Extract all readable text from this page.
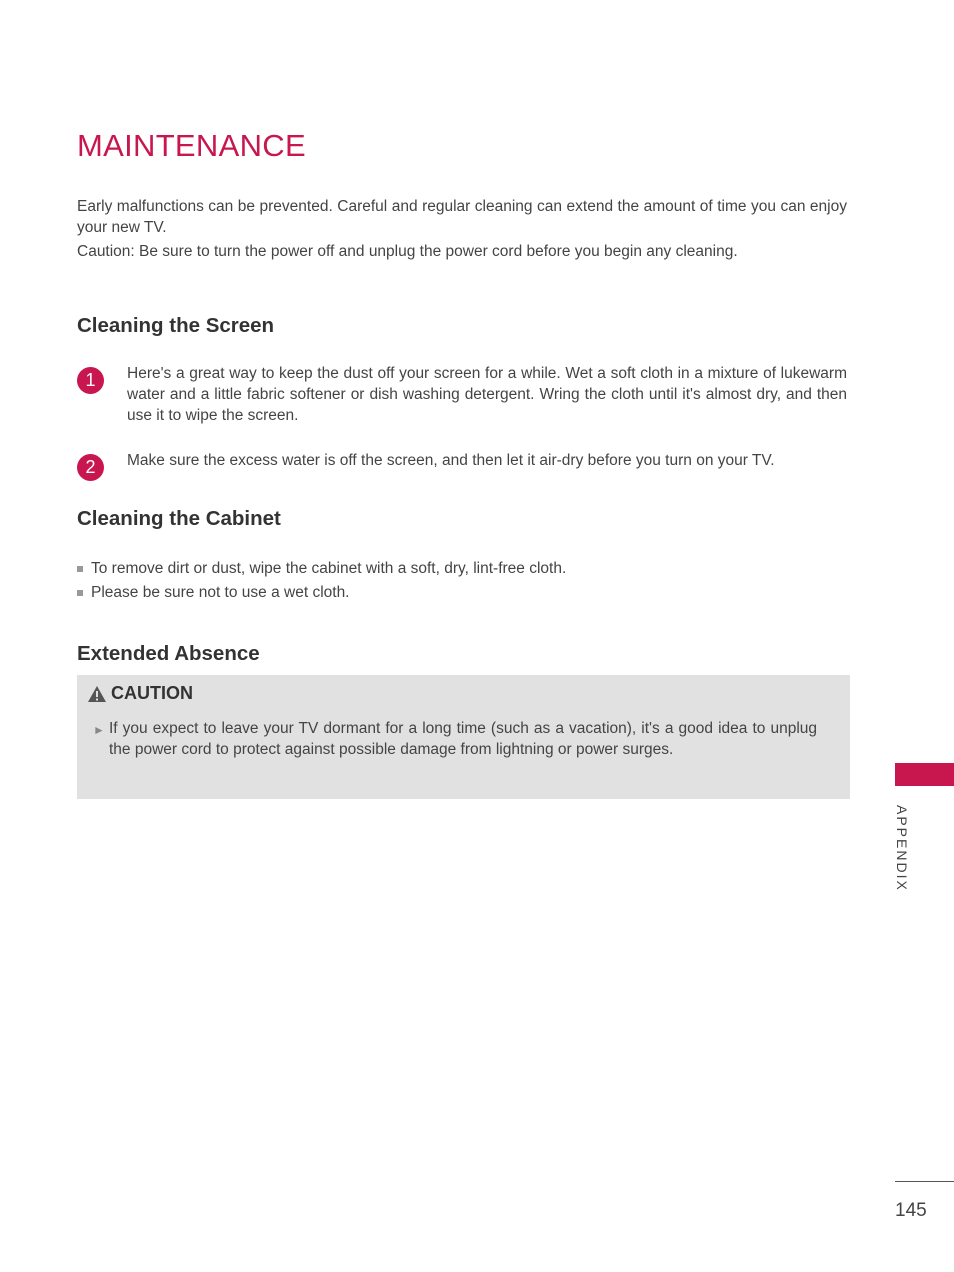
MAINTENANCE

Early malfunctions can be prevented. Careful and regular cleaning can extend the amount of time you can enjoy your new TV.

Caution: Be sure to turn the power off and unplug the power cord before you begin any cleaning.

Cleaning the Screen
1	Here's a great way to keep the dust off your screen for a while. Wet a soft cloth in a mixture of lukewarm water and a little fabric softener or dish washing detergent. Wring the cloth until it's almost dry, and then use it to wipe the screen.
2	Make sure the excess water is off the screen, and then let it air-dry before you turn on your TV.
Cleaning the Cabinet
To remove dirt or dust, wipe the cabinet with a soft, dry, lint-free cloth.
Please be sure not to use a wet cloth.
Extended Absence
CAUTION
► If you expect to leave your TV dormant for a long time (such as a vacation), it's a good idea to unplug the power cord to protect against possible damage from lightning or power surges.
APPENDIX
145
